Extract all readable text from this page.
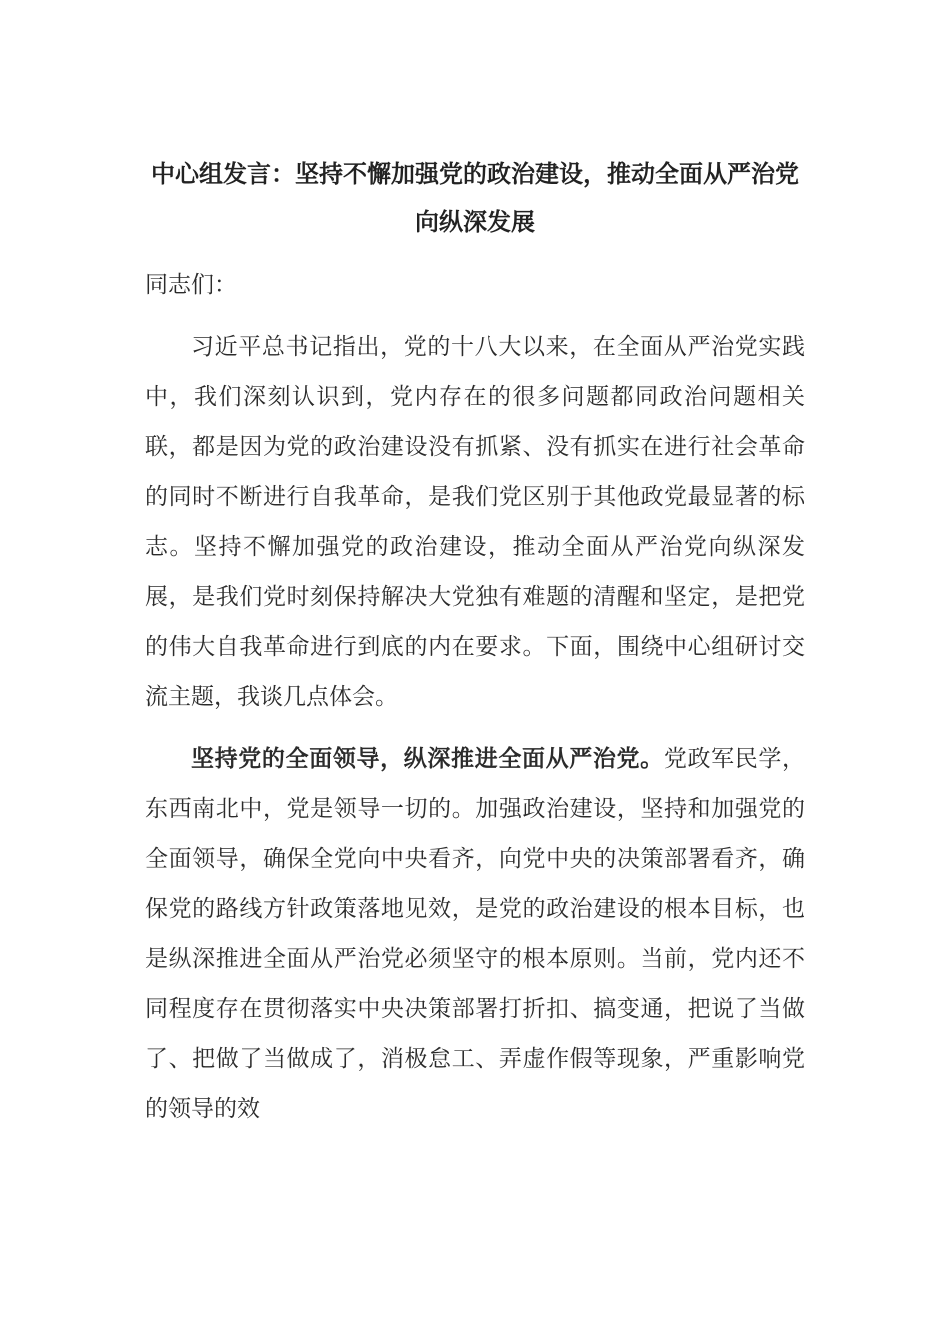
中心组发言：坚持不懈加强党的政治建设，推动全面从严治党向纵深发展

同志们：

习近平总书记指出，党的十八大以来，在全面从严治党实践中，我们深刻认识到，党内存在的很多问题都同政治问题相关联，都是因为党的政治建设没有抓紧、没有抓实在进行社会革命的同时不断进行自我革命，是我们党区别于其他政党最显著的标志。坚持不懈加强党的政治建设，推动全面从严治党向纵深发展，是我们党时刻保持解决大党独有难题的清醒和坚定，是把党的伟大自我革命进行到底的内在要求。下面，围绕中心组研讨交流主题，我谈几点体会。

坚持党的全面领导，纵深推进全面从严治党。党政军民学，东西南北中，党是领导一切的。加强政治建设，坚持和加强党的全面领导，确保全党向中央看齐，向党中央的决策部署看齐，确保党的路线方针政策落地见效，是党的政治建设的根本目标，也是纵深推进全面从严治党必须坚守的根本原则。当前，党内还不同程度存在贯彻落实中央决策部署打折扣、搞变通，把说了当做了、把做了当做成了，消极怠工、弄虚作假等现象，严重影响党的领导的效
